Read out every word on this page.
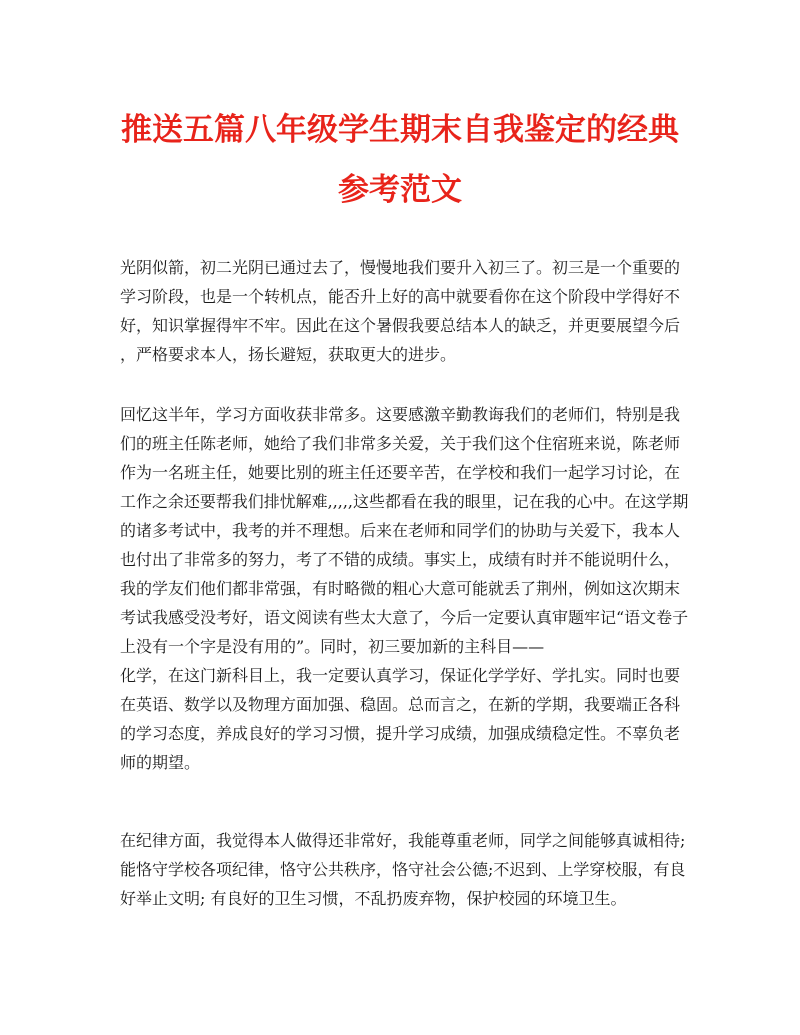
推送五篇八年级学生期末自我鉴定的经典
参考范文
光阴似箭，初二光阴已通过去了，慢慢地我们要升入初三了。初三是一个重要的
学习阶段，也是一个转机点，能否升上好的高中就要看你在这个阶段中学得好不
好，知识掌握得牢不牢。因此在这个暑假我要总结本人的缺乏，并更要展望今后
，严格要求本人，扬长避短，获取更大的进步。
回忆这半年，学习方面收获非常多。这要感激辛勤教诲我们的老师们，特别是我
们的班主任陈老师，她给了我们非常多关爱，关于我们这个住宿班来说，陈老师
作为一名班主任，她要比别的班主任还要辛苦，在学校和我们一起学习讨论，在
工作之余还要帮我们排忧解难,,,,,这些都看在我的眼里，记在我的心中。在这学期
的诸多考试中，我考的并不理想。后来在老师和同学们的协助与关爱下，我本人
也付出了非常多的努力，考了不错的成绩。事实上，成绩有时并不能说明什么，
我的学友们他们都非常强，有时略微的粗心大意可能就丢了荆州，例如这次期末
考试我感受没考好，语文阅读有些太大意了，今后一定要认真审题牢记“语文卷子
上没有一个字是没有用的”。同时，初三要加新的主科目——
化学，在这门新科目上，我一定要认真学习，保证化学学好、学扎实。同时也要
在英语、数学以及物理方面加强、稳固。总而言之，在新的学期，我要端正各科
的学习态度，养成良好的学习习惯，提升学习成绩，加强成绩稳定性。不辜负老
师的期望。
在纪律方面，我觉得本人做得还非常好，我能尊重老师，同学之间能够真诚相待;
能恪守学校各项纪律，恪守公共秩序，恪守社会公德;不迟到、上学穿校服，有良
好举止文明; 有良好的卫生习惯，不乱扔废弃物，保护校园的环境卫生。
